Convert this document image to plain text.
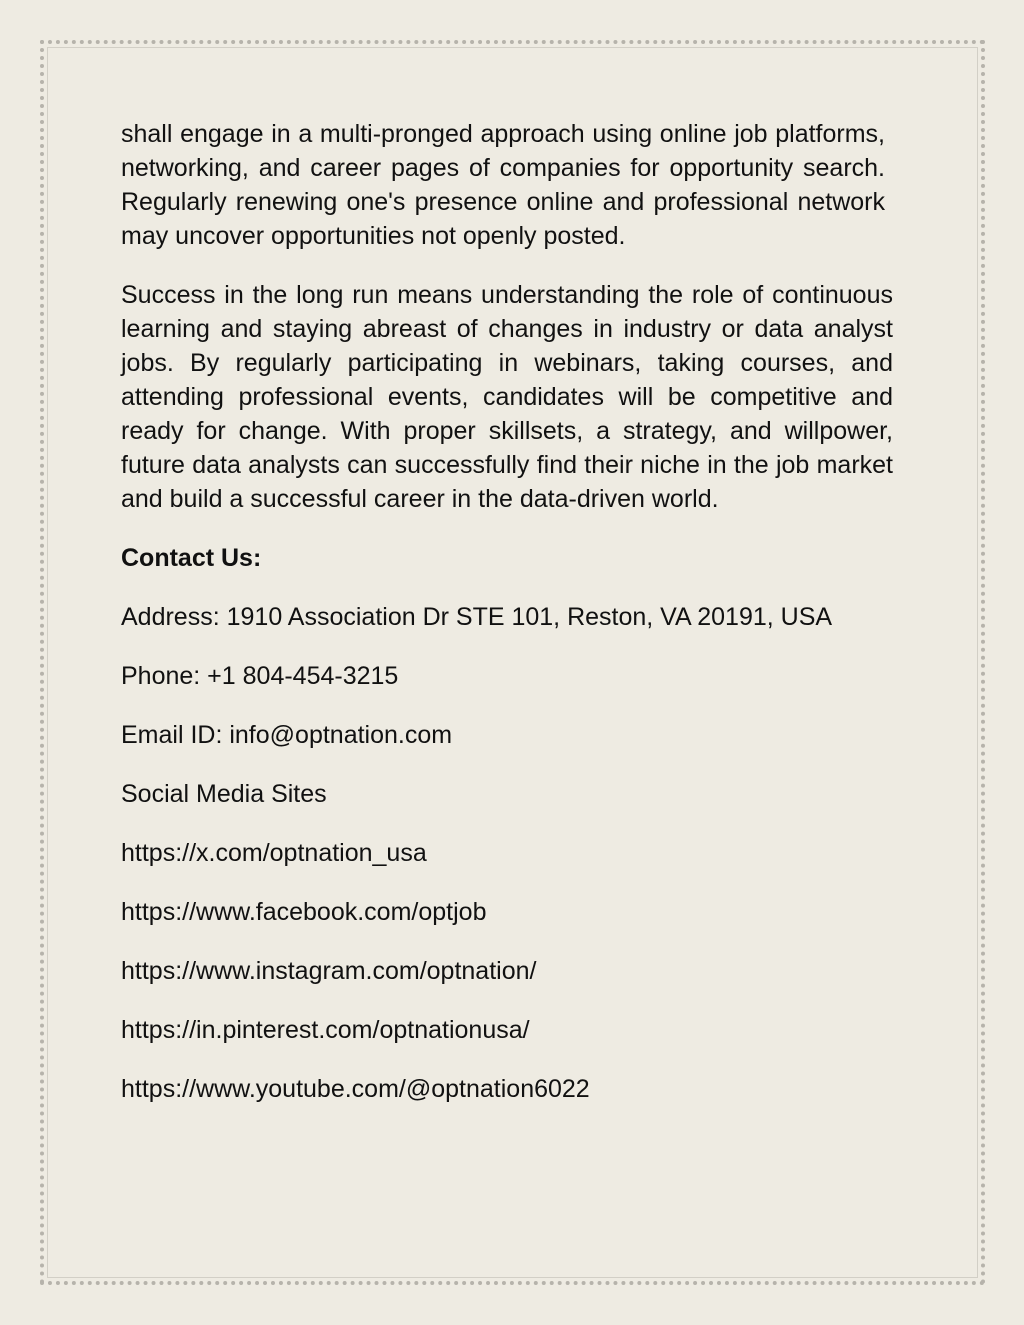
shall engage in a multi-pronged approach using online job platforms, networking, and career pages of companies for opportunity search. Regularly renewing one's presence online and professional network may uncover opportunities not openly posted.

Success in the long run means understanding the role of continuous learning and staying abreast of changes in industry or data analyst jobs. By regularly participating in webinars, taking courses, and attending professional events, candidates will be competitive and ready for change. With proper skillsets, a strategy, and willpower, future data analysts can successfully find their niche in the job market and build a successful career in the data-driven world.

Contact Us:
Address: 1910 Association Dr STE 101, Reston, VA 20191, USA
Phone: +1 804-454-3215
Email ID: info@optnation.com
Social Media Sites
https://x.com/optnation_usa
https://www.facebook.com/optjob
https://www.instagram.com/optnation/
https://in.pinterest.com/optnationusa/
https://www.youtube.com/@optnation6022
